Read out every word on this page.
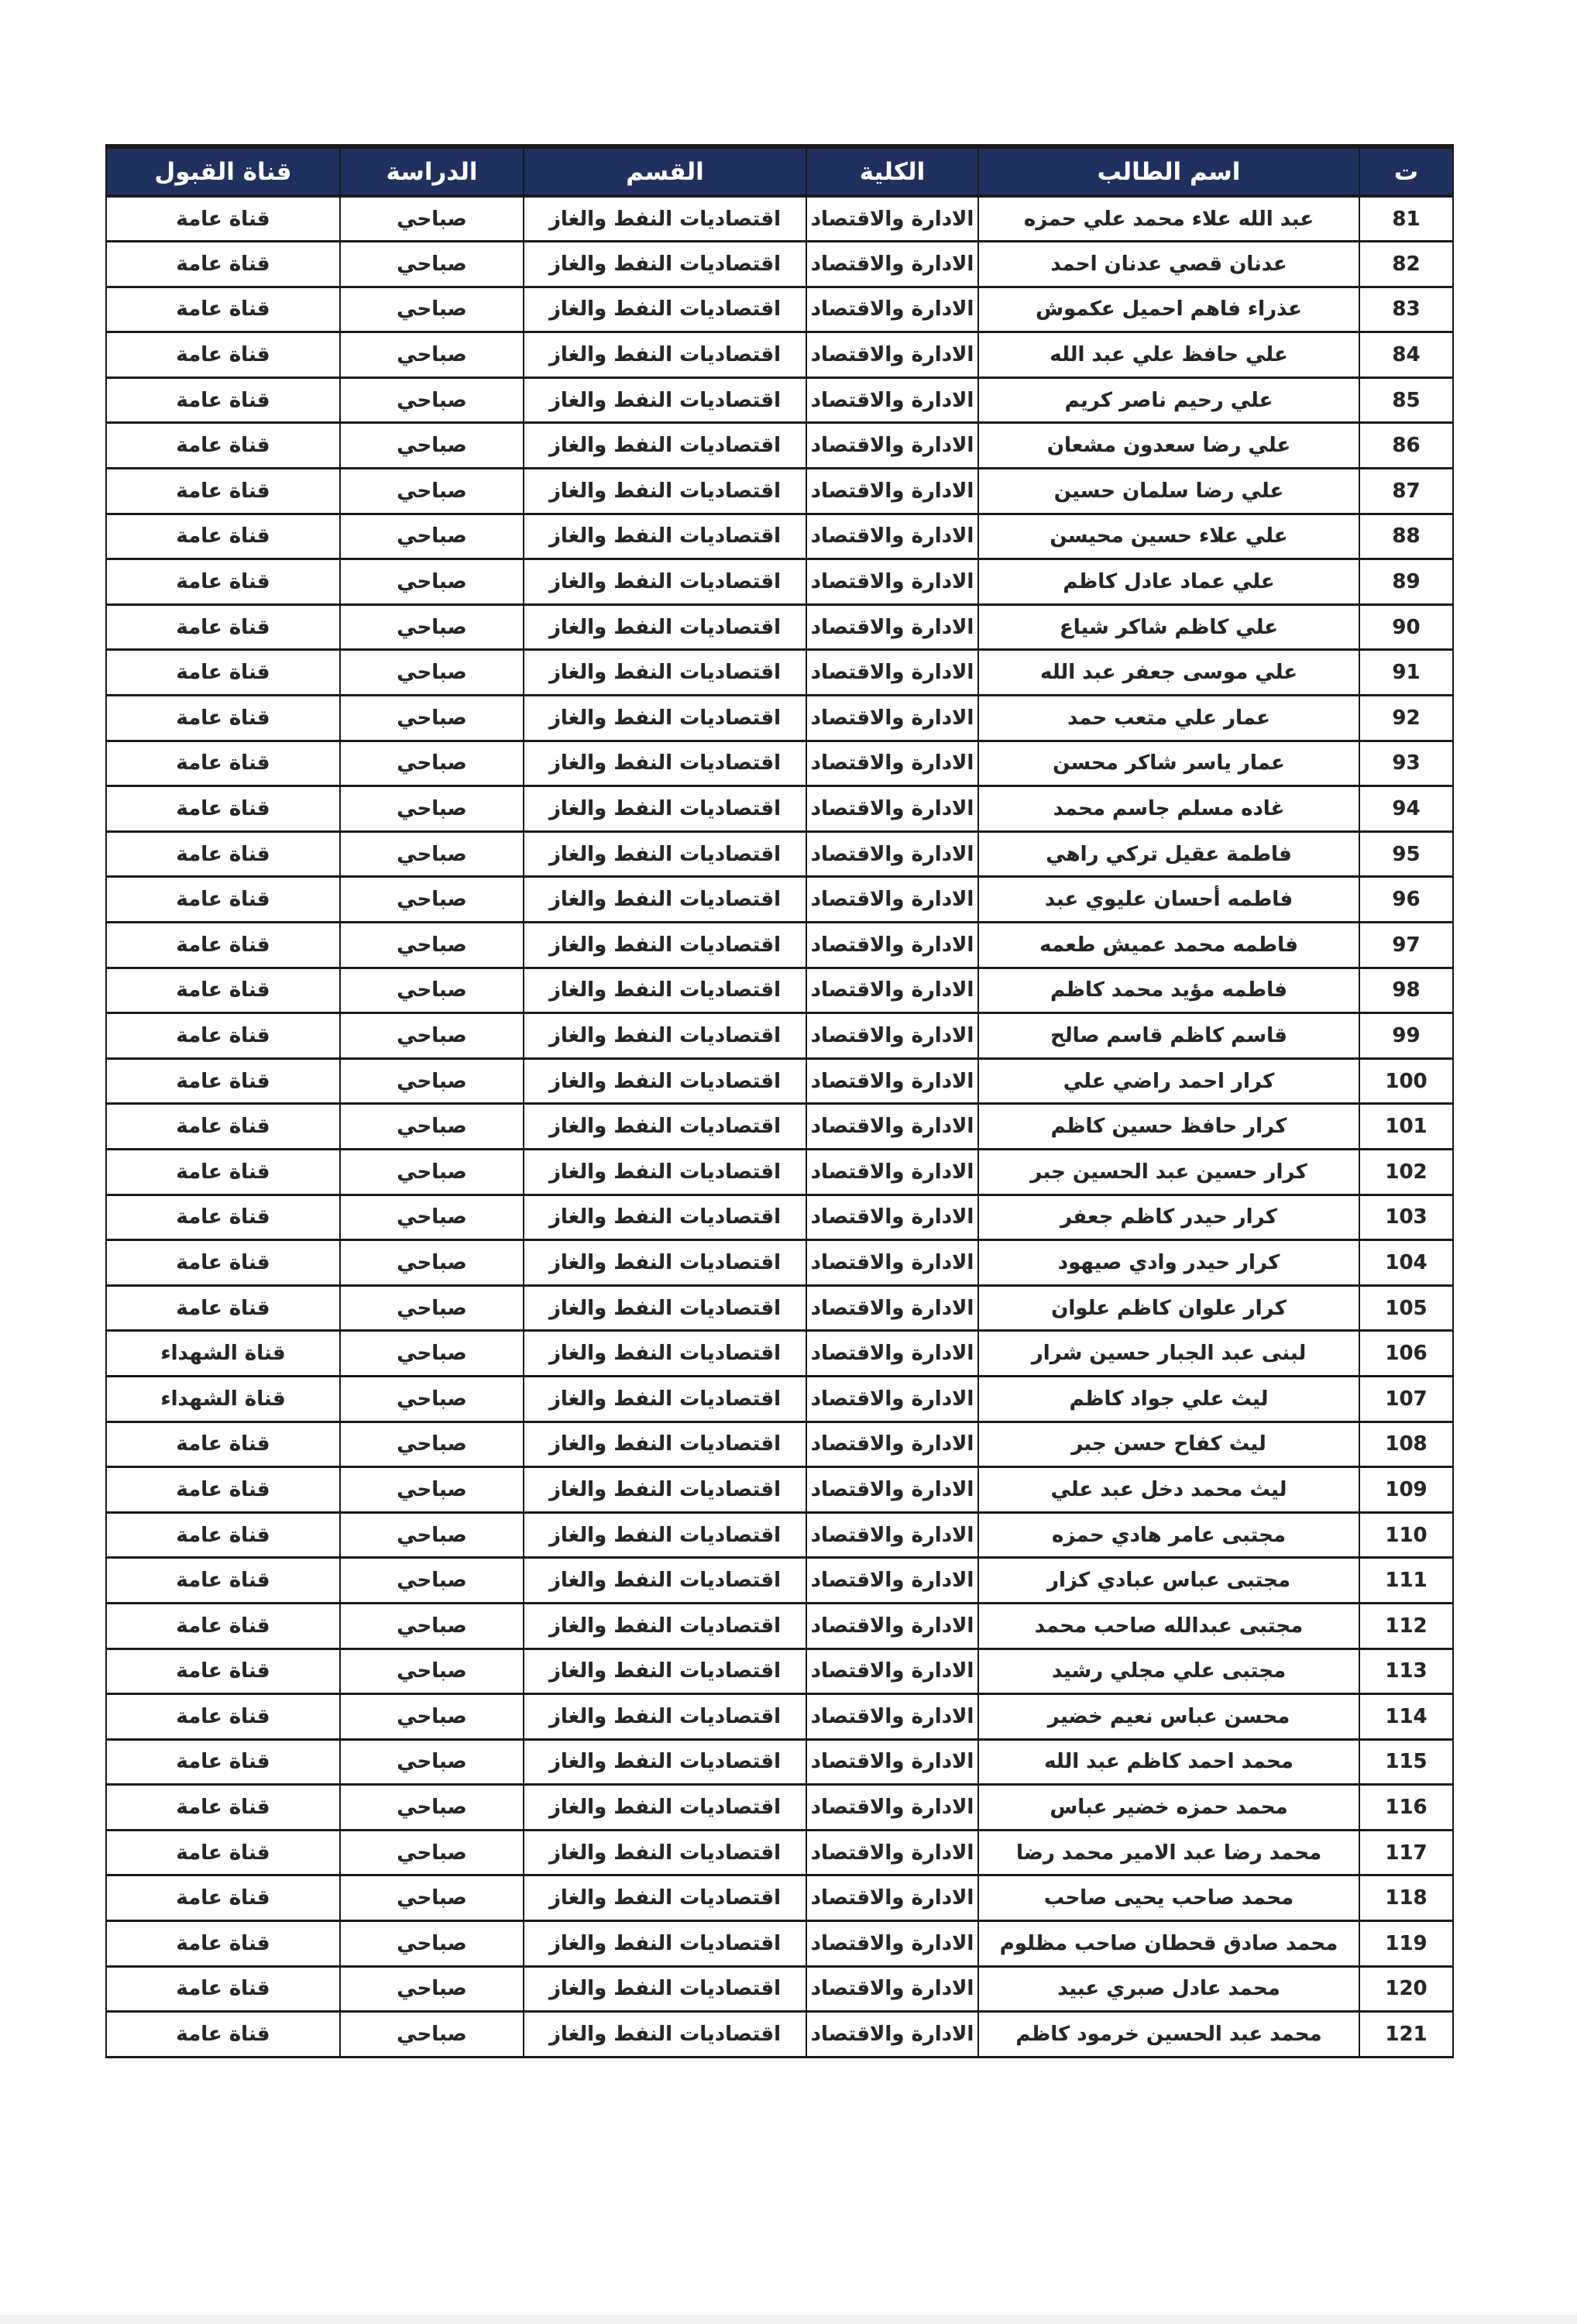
ت	اسم الطالب	الكلية	القسم	الدراسة	قناة القبول
81	عبد الله علاء محمد علي حمزه	الادارة والاقتصاد	اقتصاديات النفط والغاز	صباحي	قناة عامة
82	عدنان قصي عدنان احمد	الادارة والاقتصاد	اقتصاديات النفط والغاز	صباحي	قناة عامة
83	عذراء فاهم احميل عكموش	الادارة والاقتصاد	اقتصاديات النفط والغاز	صباحي	قناة عامة
84	علي حافظ علي عبد الله	الادارة والاقتصاد	اقتصاديات النفط والغاز	صباحي	قناة عامة
85	علي رحيم ناصر كريم	الادارة والاقتصاد	اقتصاديات النفط والغاز	صباحي	قناة عامة
86	علي رضا سعدون مشعان	الادارة والاقتصاد	اقتصاديات النفط والغاز	صباحي	قناة عامة
87	علي رضا سلمان حسين	الادارة والاقتصاد	اقتصاديات النفط والغاز	صباحي	قناة عامة
88	علي علاء حسين محيسن	الادارة والاقتصاد	اقتصاديات النفط والغاز	صباحي	قناة عامة
89	علي عماد عادل كاظم	الادارة والاقتصاد	اقتصاديات النفط والغاز	صباحي	قناة عامة
90	علي كاظم شاكر شياع	الادارة والاقتصاد	اقتصاديات النفط والغاز	صباحي	قناة عامة
91	علي موسى جعفر عبد الله	الادارة والاقتصاد	اقتصاديات النفط والغاز	صباحي	قناة عامة
92	عمار علي متعب حمد	الادارة والاقتصاد	اقتصاديات النفط والغاز	صباحي	قناة عامة
93	عمار ياسر شاكر محسن	الادارة والاقتصاد	اقتصاديات النفط والغاز	صباحي	قناة عامة
94	غاده مسلم جاسم محمد	الادارة والاقتصاد	اقتصاديات النفط والغاز	صباحي	قناة عامة
95	فاطمة عقيل تركي راهي	الادارة والاقتصاد	اقتصاديات النفط والغاز	صباحي	قناة عامة
96	فاطمه أحسان عليوي عبد	الادارة والاقتصاد	اقتصاديات النفط والغاز	صباحي	قناة عامة
97	فاطمه محمد عميش طعمه	الادارة والاقتصاد	اقتصاديات النفط والغاز	صباحي	قناة عامة
98	فاطمه مؤيد محمد كاظم	الادارة والاقتصاد	اقتصاديات النفط والغاز	صباحي	قناة عامة
99	قاسم كاظم قاسم صالح	الادارة والاقتصاد	اقتصاديات النفط والغاز	صباحي	قناة عامة
100	كرار احمد راضي علي	الادارة والاقتصاد	اقتصاديات النفط والغاز	صباحي	قناة عامة
101	كرار حافظ حسين كاظم	الادارة والاقتصاد	اقتصاديات النفط والغاز	صباحي	قناة عامة
102	كرار حسين عبد الحسين جبر	الادارة والاقتصاد	اقتصاديات النفط والغاز	صباحي	قناة عامة
103	كرار حيدر كاظم جعفر	الادارة والاقتصاد	اقتصاديات النفط والغاز	صباحي	قناة عامة
104	كرار حيدر وادي صيهود	الادارة والاقتصاد	اقتصاديات النفط والغاز	صباحي	قناة عامة
105	كرار علوان كاظم علوان	الادارة والاقتصاد	اقتصاديات النفط والغاز	صباحي	قناة عامة
106	لبنى عبد الجبار حسين شرار	الادارة والاقتصاد	اقتصاديات النفط والغاز	صباحي	قناة الشهداء
107	ليث علي جواد كاظم	الادارة والاقتصاد	اقتصاديات النفط والغاز	صباحي	قناة الشهداء
108	ليث كفاح حسن جبر	الادارة والاقتصاد	اقتصاديات النفط والغاز	صباحي	قناة عامة
109	ليث محمد دخل عبد علي	الادارة والاقتصاد	اقتصاديات النفط والغاز	صباحي	قناة عامة
110	مجتبى عامر هادي حمزه	الادارة والاقتصاد	اقتصاديات النفط والغاز	صباحي	قناة عامة
111	مجتبى عباس عبادي كزار	الادارة والاقتصاد	اقتصاديات النفط والغاز	صباحي	قناة عامة
112	مجتبى عبدالله صاحب محمد	الادارة والاقتصاد	اقتصاديات النفط والغاز	صباحي	قناة عامة
113	مجتبى علي مجلي رشيد	الادارة والاقتصاد	اقتصاديات النفط والغاز	صباحي	قناة عامة
114	محسن عباس نعيم خضير	الادارة والاقتصاد	اقتصاديات النفط والغاز	صباحي	قناة عامة
115	محمد احمد كاظم عبد الله	الادارة والاقتصاد	اقتصاديات النفط والغاز	صباحي	قناة عامة
116	محمد حمزه خضير عباس	الادارة والاقتصاد	اقتصاديات النفط والغاز	صباحي	قناة عامة
117	محمد رضا عبد الامير محمد رضا	الادارة والاقتصاد	اقتصاديات النفط والغاز	صباحي	قناة عامة
118	محمد صاحب يحيى صاحب	الادارة والاقتصاد	اقتصاديات النفط والغاز	صباحي	قناة عامة
119	محمد صادق قحطان صاحب مظلوم	الادارة والاقتصاد	اقتصاديات النفط والغاز	صباحي	قناة عامة
120	محمد عادل صبري عبيد	الادارة والاقتصاد	اقتصاديات النفط والغاز	صباحي	قناة عامة
121	محمد عبد الحسين خرمود كاظم	الادارة والاقتصاد	اقتصاديات النفط والغاز	صباحي	قناة عامة
